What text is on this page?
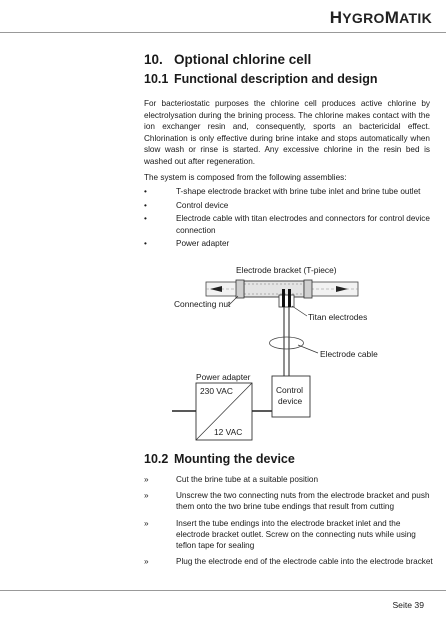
HYGROMATIK
10. Optional chlorine cell
10.1 Functional description and design
For bacteriostatic purposes the chlorine cell produces active chlorine by electrolysation during the brining process. The chlorine makes contact with the ion exchanger resin and, consequently, sports an bactericidal effect. Chlorination is only effective during brine intake and stops automatically when slow wash or rinse is started. Any excessive chlorine in the resin bed is washed out after regeneration.
The system is composed from the following assemblies:
•	T-shape electrode bracket with brine tube inlet and brine tube outlet
•	Control device
•	Electrode cable with titan electrodes and connectors for control device connection
•	Power adapter
Electrode bracket (T-piece)
Connecting nut
Titan electrodes
Electrode cable
Power adapter
230 VAC
12 VAC
Control
device
10.2 Mounting the device
»	Cut the brine tube at a suitable position
»	Unscrew the two connecting nuts from the electrode bracket and push them onto the two brine tube endings that result from cutting
»	Insert the tube endings into the electrode bracket inlet and the electrode bracket outlet. Screw on the connecting nuts while using teflon tape for sealing
»	Plug the electrode end of the electrode cable into the electrode bracket
Seite 39
